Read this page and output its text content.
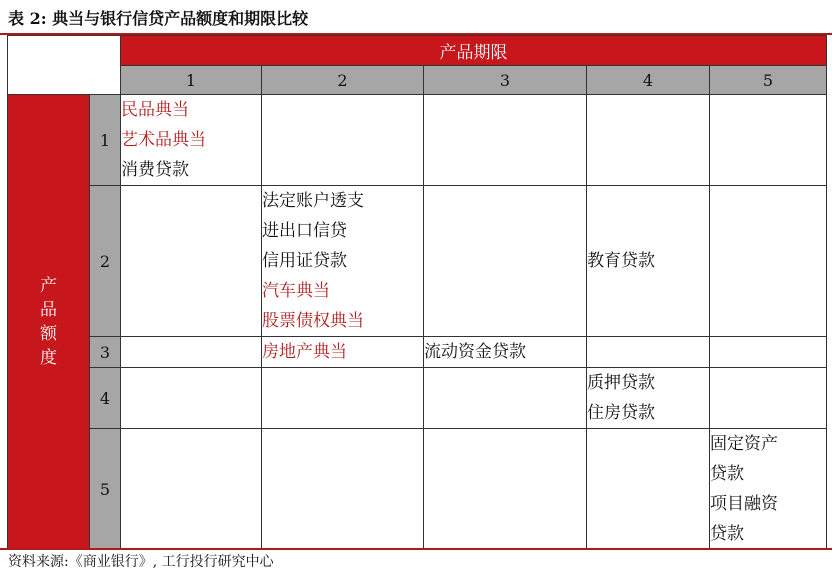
表 2: 典当与银行信贷产品额度和期限比较
		产品期限				
		1	2	3	4	5
产品额度	1	民品典当
艺术品典当
消费贷款				

	2		法定账户透支
进出口信贷
信用证贷款
汽车典当
股票债权典当		教育贷款	

	3		房地产典当	流动资金贷款		

	4				质押贷款
住房贷款	

	5					固定资产
贷款
项目融资
贷款
资料来源:《商业银行》, 工行投行研究中心
